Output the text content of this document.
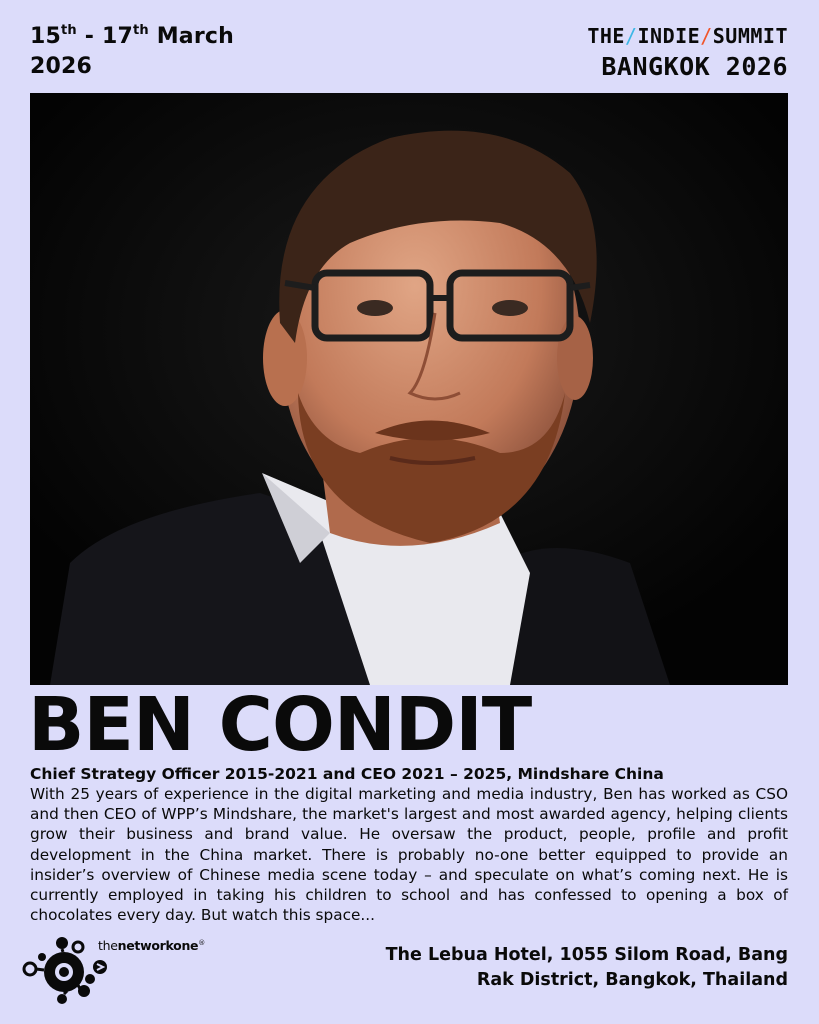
15th - 17th March
2026
THE/INDIE/SUMMIT
BANGKOK 2026
BEN CONDIT
Chief Strategy Officer 2015-2021 and CEO 2021 – 2025, Mindshare China
With 25 years of experience in the digital marketing and media industry, Ben has worked as CSO and then CEO of WPP’s Mindshare, the market's largest and most awarded agency, helping clients grow their business and brand value. He oversaw the product, people, profile and profit development in the China market. There is probably no-one better equipped to provide an insider’s overview of Chinese media scene today – and speculate on what’s coming next. He is currently employed in taking his children to school and has confessed to opening a box of chocolates every day. But watch this space...
thenetworkone®
The Lebua Hotel, 1055 Silom Road, Bang
Rak District, Bangkok, Thailand
